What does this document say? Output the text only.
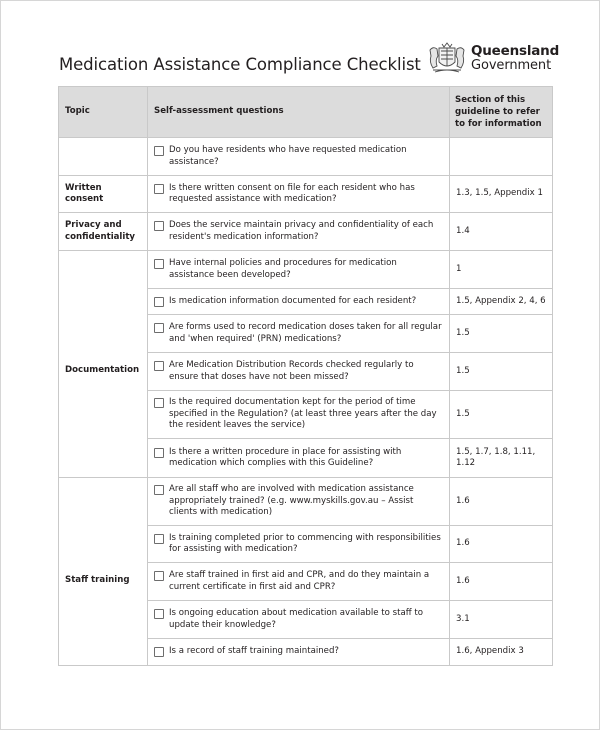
Medication Assistance Compliance Checklist
Queensland
Government
Topic	Self-assessment questions	Section of this guideline to refer to for information

	Do you have residents who have requested medication assistance?	

Written consent	Is there written consent on file for each resident who has requested assistance with medication?	1.3, 1.5, Appendix 1
Privacy and confidentiality	Does the service maintain privacy and confidentiality of each resident's medication information?	1.4
Documentation	Have internal policies and procedures for medication assistance been developed?	1

	Is medication information documented for each resident?	1.5, Appendix 2, 4, 6

	Are forms used to record medication doses taken for all regular and 'when required' (PRN) medications?	1.5

	Are Medication Distribution Records checked regularly to ensure that doses have not been missed?	1.5

	Is the required documentation kept for the period of time specified in the Regulation? (at least three years after the day the resident leaves the service)	1.5

	Is there a written procedure in place for assisting with medication which complies with this Guideline?	1.5, 1.7, 1.8, 1.11, 1.12
Staff training	Are all staff who are involved with medication assistance appropriately trained? (e.g. www.myskills.gov.au – Assist clients with medication)	1.6

	Is training completed prior to commencing with responsibilities for assisting with medication?	1.6

	Are staff trained in first aid and CPR, and do they maintain a current certificate in first aid and CPR?	1.6

	Is ongoing education about medication available to staff to update their knowledge?	3.1

	Is a record of staff training maintained?	1.6, Appendix 3
